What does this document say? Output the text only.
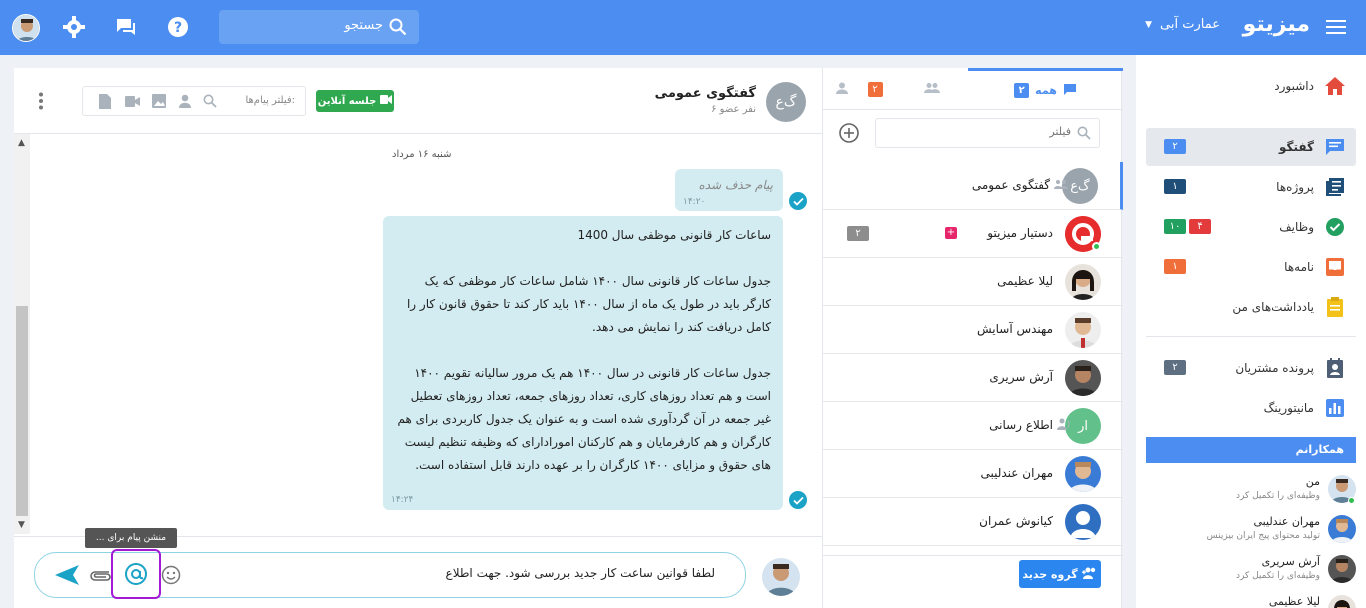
میزیتو
عمارت آبی
▼
جستجو
?
داشبورد
گفتگو
۲
پروژه‌ها
۱
وظایف
۴
۱۰
نامه‌ها
۱
یادداشت‌های من
پرونده مشتریان
۲
مانیتورینگ
همکارانم
من
وظیفه‌ای را تکمیل کرد
مهران عندلیبی
تولید محتوای پیج ایران بیزینس
آرش سریری
وظیفه‌ای را تکمیل کرد
لیلا عظیمی
همه
۲
۲
فیلتر
گ‌ع
گفتگوی عمومی
دستیار میزیتو
+
۲
لیلا عظیمی
مهندس آسایش
آرش سریری
ار
اطلاع رسانی
مهران عندلیبی
کیانوش عمران
گروه جدید
گ‌ع
گفتگوی عمومی
۶ نفر عضو
جلسه آنلاین
فیلتر پیام‌ها:
▲
▼
شنبه ۱۶ مرداد
پیام حذف شده
۱۴:۲۰
ساعات کار قانونی موظفی سال 1400
جدول ساعات کار قانونی سال ۱۴۰۰ شامل ساعات کار موظفی که یک کارگر باید در طول یک ماه از سال ۱۴۰۰ باید کار کند تا حقوق قانون کار را کامل دریافت کند را نمایش می دهد.
جدول ساعات کار قانونی در سال ۱۴۰۰ هم یک مرور سالیانه تقویم ۱۴۰۰ است و هم تعداد روزهای کاری، تعداد روزهای جمعه، تعداد روزهای تعطیل غیر جمعه در آن گردآوری شده است و به عنوان یک جدول کاربردی برای هم کارگران و هم کارفرمایان و هم کارکنان امورادارای که وظیفه تنظیم لیست های حقوق و مزایای ۱۴۰۰ کارگران را بر عهده دارند قابل استفاده است.
۱۴:۲۴
لطفا قوانین ساعت کار جدید بررسی شود. جهت اطلاع
منشن پیام برای ...
